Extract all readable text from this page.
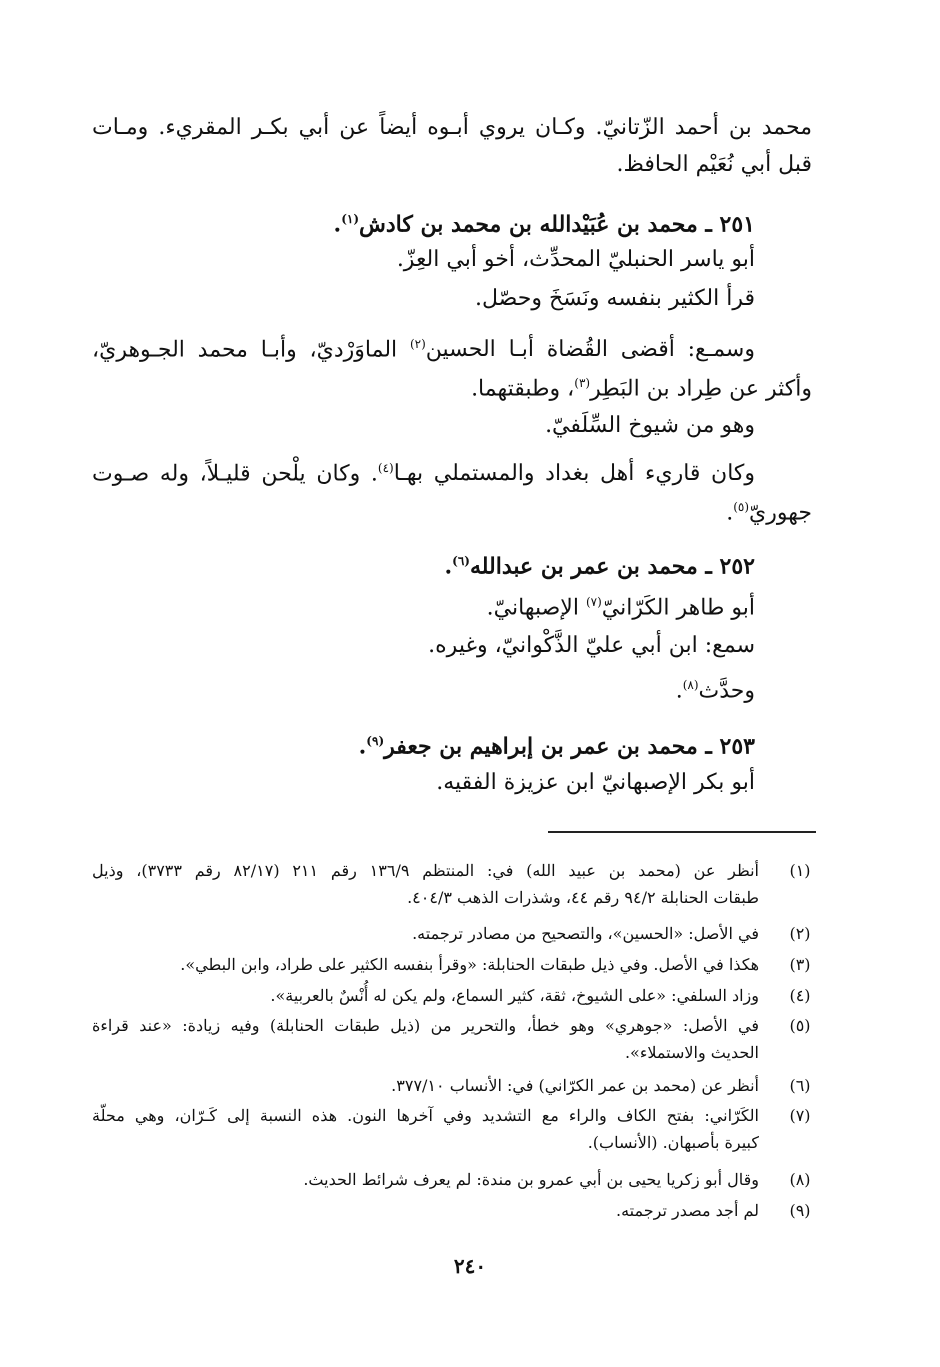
محمد بن أحمد الزّتانيّ. وكـان يروي أبـوه أيضاً عن أبي بكـر المقريء. ومـات
قبل أبي نُعَيْم الحافظ.
٢٥١ ـ محمد بن عُبَيْدالله بن محمد بن كادش$^{(١)}$.
أبو ياسر الحنبليّ المحدِّث، أخو أبي العِزّ.
قرأ الكثير بنفسه ونَسَخَ وحصّل.
وسمـع: أقضى القُضاة أبـا الحسين$^{(٢)}$ الماوَرْديّ، وأبـا محمد الجـوهريّ،
وأكثر عن طِراد بن البَطِر$^{(٣)}$، وطبقتهما.
وهو من شيوخ السِّلَفيّ.
وكان قاريء أهل بغداد والمستملي بهـا$^{(٤)}$. وكان يلْحن قليـلاً، وله صـوت
جهوريّ$^{(٥)}$.
٢٥٢ ـ محمد بن عمر بن عبدالله$^{(٦)}$.
أبو طاهر الكَرّانيّ$^{(٧)}$ الإصبهانيّ.
سمع: ابن أبي عليّ الذَّكْوانيّ، وغيره.
وحدَّث$^{(٨)}$.
٢٥٣ ـ محمد بن عمر بن إبراهيم بن جعفر$^{(٩)}$.
أبو بكر الإصبهانيّ ابن عزيزة الفقيه.
(١)
أنظر عن (محمد بن عبيد الله) في: المنتظم ١٣٦/٩ رقم ٢١١ (٨٢/١٧ رقم ٣٧٣٣)، وذيل
طبقات الحنابلة ٩٤/٢ رقم ٤٤، وشذرات الذهب ٤٠٤/٣.
(٢)
في الأصل: «الحسين»، والتصحيح من مصادر ترجمته.
(٣)
هكذا في الأصل. وفي ذيل طبقات الحنابلة: «وقرأ بنفسه الكثير على طراد، وابن البطي».
(٤)
وزاد السلفي: «على الشيوخ، ثقة، كثير السماع، ولم يكن له أُنْسٌ بالعربية».
(٥)
في الأصل: «جوهري» وهو خطأ، والتحرير من (ذيل طبقات الحنابلة) وفيه زيادة: «عند قراءة
الحديث والاستملاء».
(٦)
أنظر عن (محمد بن عمر الكرّاني) في: الأنساب ٣٧٧/١٠.
(٧)
الكَرّاني: بفتح الكاف والراء مع التشديد وفي آخرها النون. هذه النسبة إلى كَـرّان، وهي محلّة
كبيرة بأصبهان. (الأنساب).
(٨)
وقال أبو زكريا يحيى بن أبي عمرو بن مندة: لم يعرف شرائط الحديث.
(٩)
لم أجد مصدر ترجمته.
٢٤٠
